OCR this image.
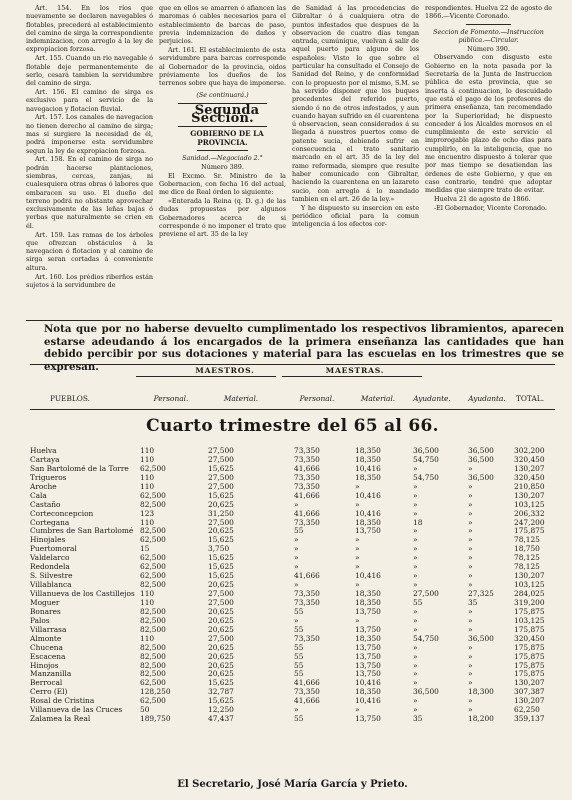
Art. 154. En los ríos que nuevamente se declaren navegables ó flotables, precederá al establecimiento del camino de sirga la correspondiente indemnizacion, con arreglo á la ley de expropiacion forzosa.

Art. 155. Cuando un rio navegable ó flotable deje permanentemente de serlo, cesará tambien la servidumbre del camino de sirga.

Art. 156. El camino de sirga es exclusivo para el servicio de la navegacion y flotacion fluvial.

Art. 157. Los canales de navegacion no tienen derecho al camino de sirga; mas si surgiere la necesidad de él, podrá imponerse esta servidumbre segun la ley de expropiacion forzosa.

Art. 158. En el camino de sirga no podrán hacerse plantaciones, siembras, cercas, zanjas, ni cualesquiera otras obras ó labores que embaracen su uso. El dueño del terreno podrá no obstante aprovechar exclusivamente de las leñas bajas ó yerbas que naturalmente se crien en él.

Art. 159. Las ramas de los árboles que ofrezcan obstáculos á la navegacion ó flotacion y al camino de sirga seran cortadas á conveniente altura.

Art. 160. Los prédios riberños están sujetos á la servidumbre de

que en ellos se amarren ó afiancen las maromas ó cables necesarios para el establecimiento de barcas de paso, previa indemnizacion de daños y perjuicios.

Art. 161. El establecimiento de esta servidumbre para barcas corresponde al Gobernador de la provincia, oidos préviamente los dueños de los terrenos sobre que haya de imponerse.

(Se continuará.)

Segunda Seccion.

GOBIERNO DE LA PROVINCIA.

Sanidad.—Negociado 2.°

Número 389.

El Excmo. Sr. Ministro de la Gobernacion, con fecha 16 del actual, me dice de Real órden lo siguiente:

«Enterada la Reina (q. D. g.) de las dudas propuestas por algunos Gobernadores acerca de si corresponde ó no imponer el trato que previene el art. 35 de la ley

de Sanidad á las procedencias de Gibraltar ó á cualquiera otra de puntos infestados que despues de la observacion de cuatro dias tengan entrada, cumúnique, vuelvan á salir de aquel puerto para alguno de los españoles: Visto lo que sobre el particular ha consultado el Consejo de Sanidad del Reino, y de conformidad con lo propuesto por el mismo, S.M. se ha servido disponer que los buques procedentes del referido puerto, siendo ó no de otros infestados, y aun cuando hayan sufrido en él cuarentena ú observacion, sean considerados á su llegada á nuestros puertos como de patente sucia, debiendo sufrir en consecuencia el trato sanitario marcado en el art. 35 de la ley del ramo reformada, siempre que resulte haber comunicado con Gibraltar, haciendo la cuarentena en un lazareto sucio, con arreglo á lo mandado tambien en el art. 26 de la ley.»

Y he dispuesto su insercion en este periódico oficial para la comun inteligencia á los efectos cor-

respondientes. Huelva 22 de agosto de 1866.—Vicente Coronado.

Seccion de Fomento.—Instruccion pública.—Circular.

Número 390.

Observando con disgusto este Gobierno en la nota pasada por la Secretaría de la Junta de Instruccion pública de esta provincia, que se inserta á continuacion, lo descuidado que está el pago de los profesores de primera enseñanza, tan recomendado por la Superioridad; he dispuesto conceder á los Alcaldes morosos en el cumplimiento de este servicio el improrogable plazo de ocho dias para cumplirlo, en la inteligencia, que no me encuentro dispuesto á tolerar que por mas tiempo se desatiendan las órdenes de este Gobierno, y que en caso contrario, tendré que adoptar medidas que siempre trato de evitar.

Huelva 21 de agosto de 1866.

-El Gobernador, Vicente Coronado.

Nota que por no haberse devuelto cumplimentado los respectivos libramientos, aparecen estarse adeudando á los encargados de la primera enseñanza las cantidades que han debido percibir por sus dotaciones y material para las escuelas en los trimestres que se expresan.	MAESTROS.	MAESTRAS.
PUEBLOS.	Personal.	Material.	Personal.	Material.	Ayudante.	Ayudanta.	TOTAL.
Cuarto trimestre del 65 al 66.
Huelva	110	27,500	73,350	18,350	36,500	36,500	302,200
Cartaya	110	27,500	73,350	18,350	54,750	36,500	320,450
San Bartolomé de la Torre 62,500	15,625	41,666	10,416	»	»	130,207
Trigueros	110	27,500	73,350	18,350	54,750	36,500	320,450
Aroche	110	27,500	73,350	»	»	»	210,850
Cala	62,500	15,625	41,666	10,416	»	»	130,207
Castaño	82,500	20,625	»	»	»	»	103,125
Corteconcepcion	123	31,250	41,666	10,416	»	»	206,332
Cortegana	110	27,500	73,350	18,350	18	»	247,200
Cumbres de San Bartolomé 82,500	20,625	55	13,750	»	»	175,875
Hinojales	62,500	15,625	»	»	»	»	78,125
Puertomoral	15	3,750	»	»	»	»	18,750
Valdelarco	62,500	15,625	»	»	»	»	78,125
Redondela	62,500	15,625	»	»	»	»	78,125
S. Silvestre	62,500	15,625	41,666	10,416	»	»	130,207
Villablanca	82,500	20,625	»	»	»	»	103,125
Villanueva de los Castillejos 110	27,500	73,350	18,350	27,500	27,325	284,025
Moguer	110	27,500	73,350	18,350	55	35	319,200
Bonares	82,500	20,625	55	13,750	»	»	175,875
Palos	82,500	20,625	»	»	»	»	103,125
Villarrasa	82,500	20,625	55	13,750	»	»	175,875
Almonte	110	27,500	73,350	18,350	54,750	36,500	320,450
Chucena	82,500	20,625	55	13,750	»	»	175,875
Escacena	82,500	20,625	55	13,750	»	»	175,875
Hinojos	82,500	20,625	55	13,750	»	»	175,875
Manzanilla	82,500	20,625	55	13,750	»	»	175,875
Berrocal	62,500	15,625	41,666	10,416	»	»	130,207
Cerro (El)	128,250	32,787	73,350	18,350	36,500	18,300	307,387
Rosal de Cristina	62,500	15,625	41,666	10,416	»	»	130,207
Villanueva de las Cruces 50	12,250	»	»	»	»	62,250
Zalamea la Real	189,750	47,437	55	13,750	35	18,200	359,137
El Secretario, José María García y Prieto.
